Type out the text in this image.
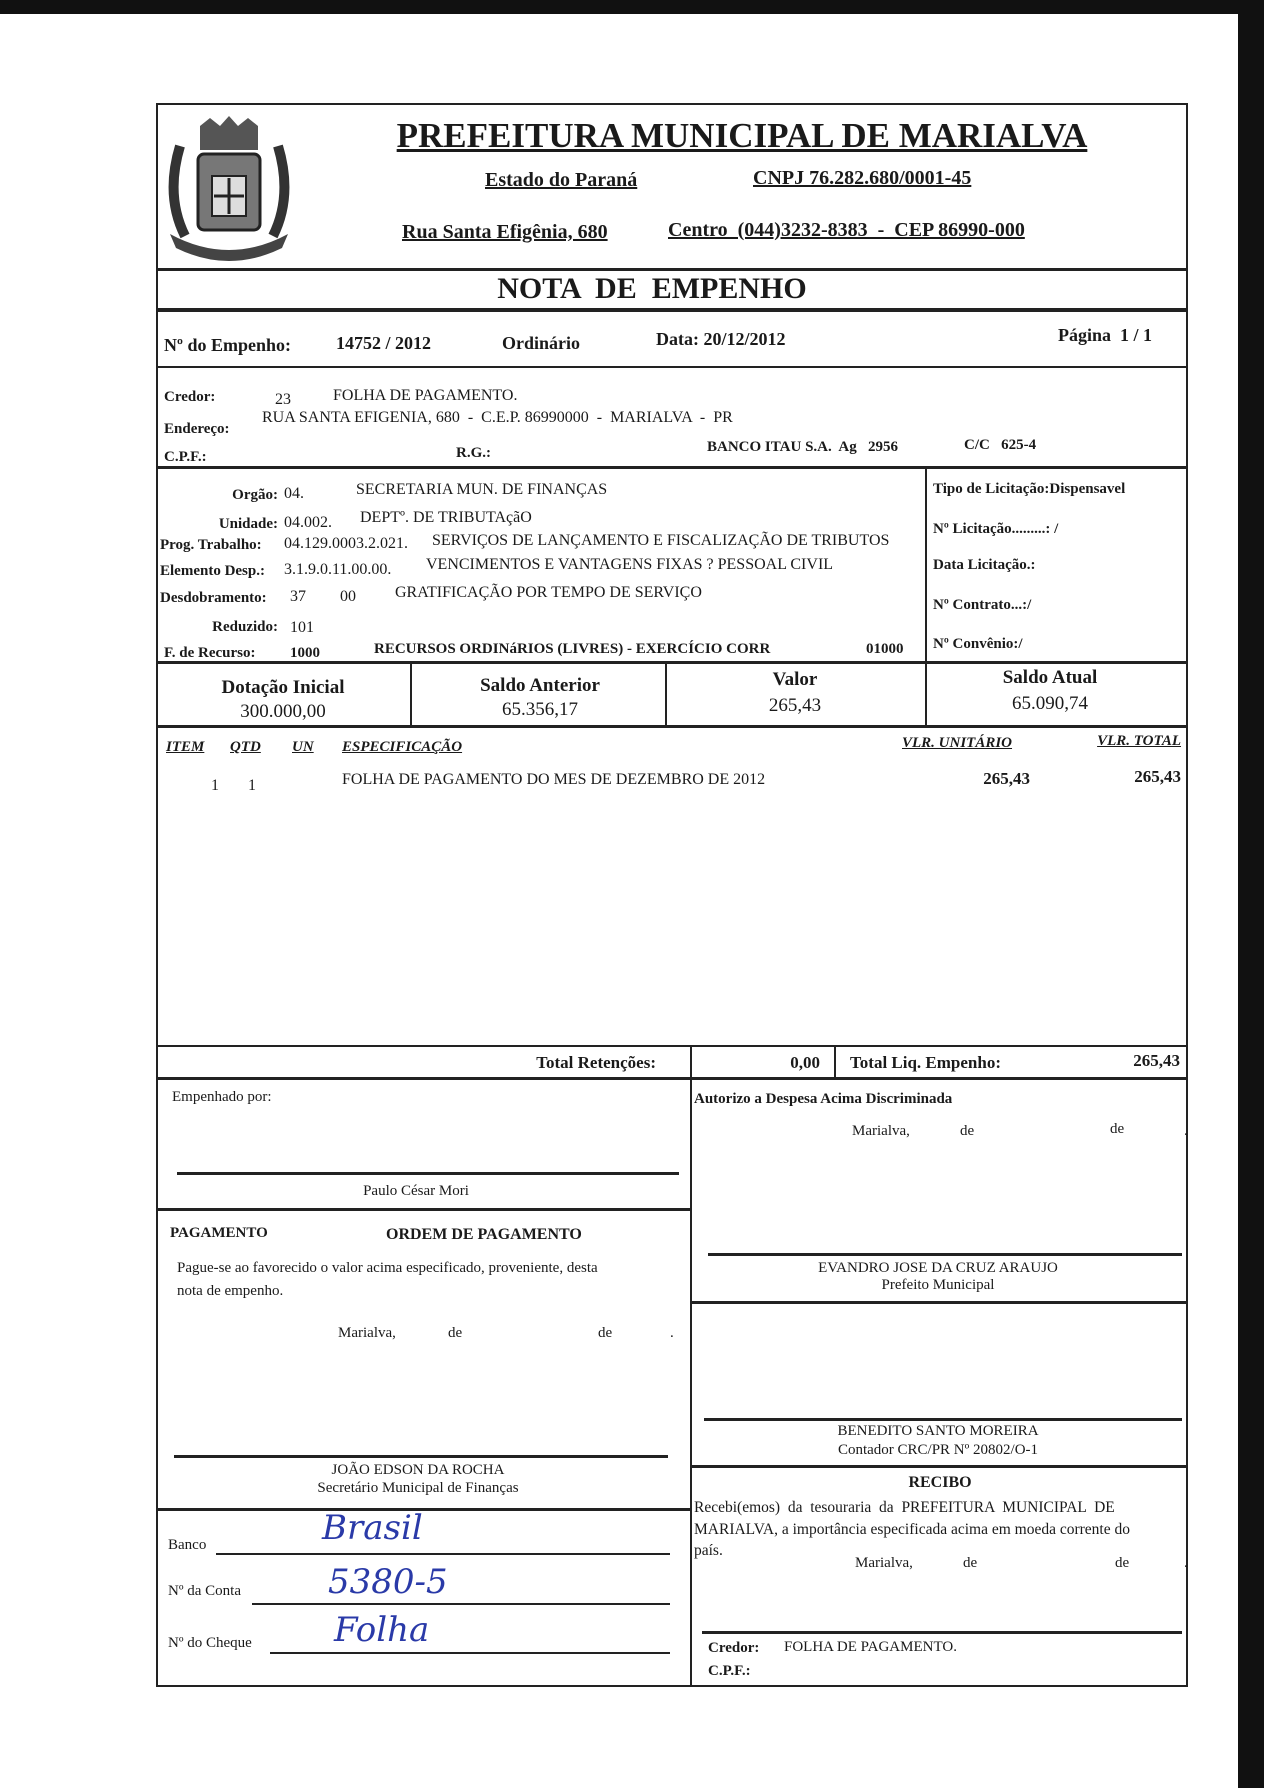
PREFEITURA MUNICIPAL DE MARIALVA
Estado do Paraná	CNPJ 76.282.680/0001-45
Rua Santa Efigênia, 680	Centro  (044)3232-8383  -  CEP 86990-000
NOTA  DE  EMPENHO
Nº do Empenho:	14752 / 2012	Ordinário	Data: 20/12/2012	Página  1 / 1
Credor:	23	FOLHA DE PAGAMENTO.
Endereço:
RUA SANTA EFIGENIA, 680  -  C.E.P. 86990000  -  MARIALVA  -  PR
C.P.F.:	R.G.:	BANCO ITAU S.A.  Ag   2956	C/C   625-4
Orgão: 04.	SECRETARIA MUN. DE FINANÇAS
Unidade: 04.002. DEPTº. DE TRIBUTAçãO
Prog. Trabalho: 04.129.0003.2.021. SERVIÇOS DE LANÇAMENTO E FISCALIZAÇÃO DE TRIBUTOS
Elemento Desp.: 3.1.9.0.11.00.00. VENCIMENTOS E VANTAGENS FIXAS ? PESSOAL CIVIL
Desdobramento: 37 00 GRATIFICAÇÃO POR TEMPO DE SERVIÇO
Reduzido: 101
F. de Recurso: 1000	RECURSOS ORDINáRIOS (LIVRES) - EXERCÍCIO CORR	01000
Tipo de Licitação:Dispensavel
Nº Licitação.........: /
Data Licitação.:
Nº Contrato...:/
Nº Convênio:/
Dotação Inicial
300.000,00
Saldo Anterior
65.356,17
Valor
265,43
Saldo Atual
65.090,74
ITEM QTD UN ESPECIFICAÇÃO	VLR. UNITÁRIO	VLR. TOTAL
1 1	FOLHA DE PAGAMENTO DO MES DE DEZEMBRO DE 2012	265,43	265,43
Total Retenções:	0,00 Total Liq. Empenho:	265,43
Empenhado por:
Paulo César Mori
PAGAMENTO	ORDEM DE PAGAMENTO
Pague-se ao favorecido o valor acima especificado, proveniente, desta
nota de empenho.
Marialva,	de	de	.
JOÃO EDSON DA ROCHA
Secretário Municipal de Finanças
Banco	Brasil
Nº da Conta	5380-5
Nº do Cheque Folha
Autorizo a Despesa Acima Discriminada
Marialva,	de	de	.
EVANDRO JOSE DA CRUZ ARAUJO
Prefeito Municipal
BENEDITO SANTO MOREIRA
Contador CRC/PR Nº 20802/O-1
RECIBO
Recebi(emos)  da  tesouraria  da  PREFEITURA  MUNICIPAL  DE
MARIALVA, a importância especificada acima em moeda corrente do
país.
Marialva,	de	de	.
Credor: FOLHA DE PAGAMENTO.
C.P.F.:
